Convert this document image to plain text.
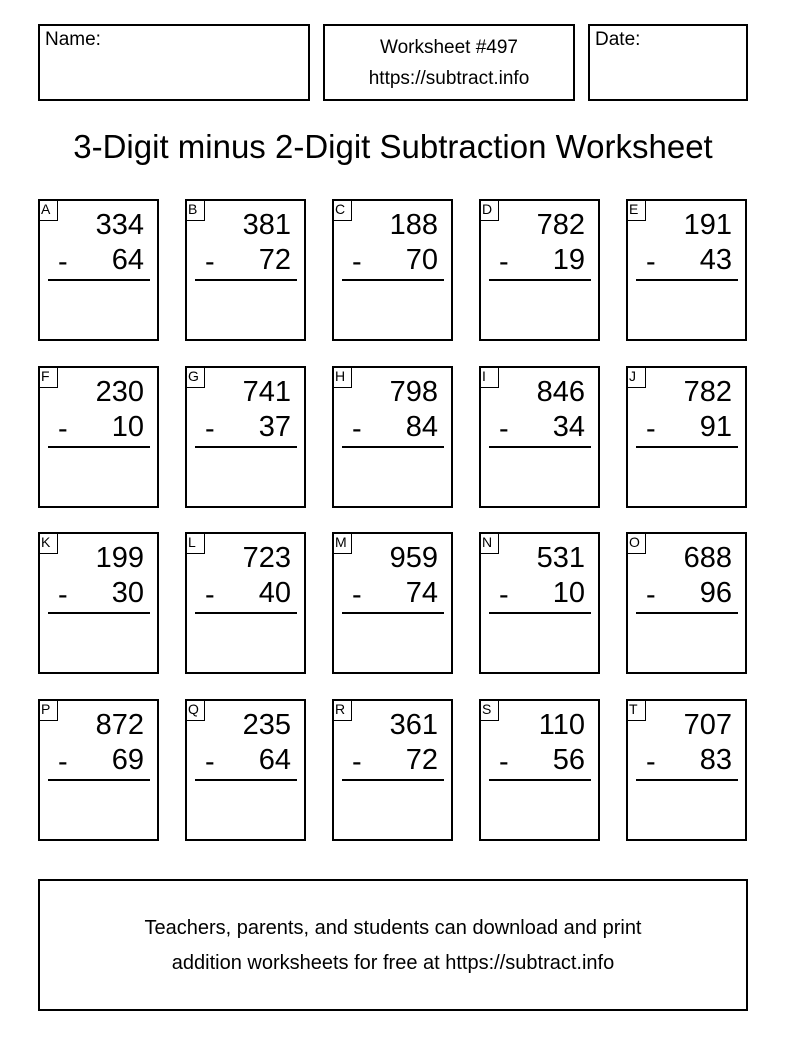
Name:	Worksheet #497
https://subtract.info
Date:
3-Digit minus 2-Digit Subtraction Worksheet
A 334
- 64
B 381
- 72
C 188
- 70
D 782
- 19
E 191
- 43
F 230
- 10
G 741
- 37
H 798
- 84
I	846
- 34
J	782
- 91
K 199
- 30
L	723
- 40
M 959
- 74
N 531
- 10
O 688
- 96
P 872
- 69
Q 235
- 64
R 361
- 72
S 110
- 56
T 707
- 83
Teachers, parents, and students can download and print
addition worksheets for free at https://subtract.info
